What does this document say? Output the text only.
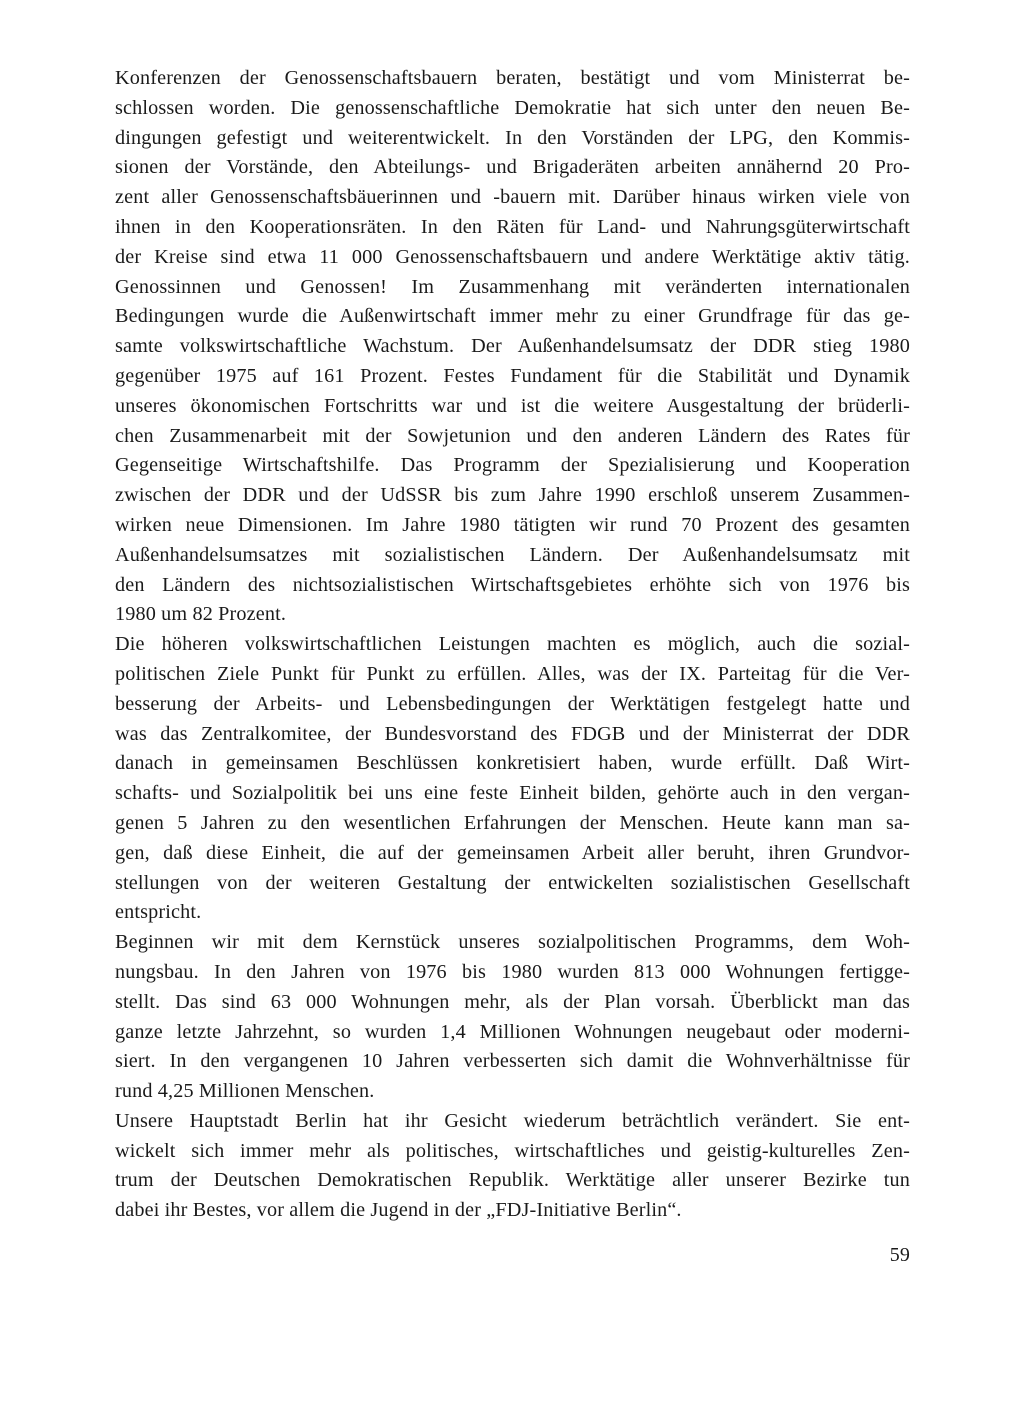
Konferenzen der Genossenschaftsbauern beraten, bestätigt und vom Ministerrat be-
schlossen worden. Die genossenschaftliche Demokratie hat sich unter den neuen Be-
dingungen gefestigt und weiterentwickelt. In den Vorständen der LPG, den Kommis-
sionen der Vorstände, den Abteilungs- und Brigaderäten arbeiten annähernd 20 Pro-
zent aller Genossenschaftsbäuerinnen und -bauern mit. Darüber hinaus wirken viele von
ihnen in den Kooperationsräten. In den Räten für Land- und Nahrungsgüterwirtschaft
der Kreise sind etwa 11 000 Genossenschaftsbauern und andere Werktätige aktiv tätig.
Genossinnen und Genossen! Im Zusammenhang mit veränderten internationalen
Bedingungen wurde die Außenwirtschaft immer mehr zu einer Grundfrage für das ge-
samte volkswirtschaftliche Wachstum. Der Außenhandelsumsatz der DDR stieg 1980
gegenüber 1975 auf 161 Prozent. Festes Fundament für die Stabilität und Dynamik
unseres ökonomischen Fortschritts war und ist die weitere Ausgestaltung der brüderli-
chen Zusammenarbeit mit der Sowjetunion und den anderen Ländern des Rates für
Gegenseitige Wirtschaftshilfe. Das Programm der Spezialisierung und Kooperation
zwischen der DDR und der UdSSR bis zum Jahre 1990 erschloß unserem Zusammen-
wirken neue Dimensionen. Im Jahre 1980 tätigten wir rund 70 Prozent des gesamten
Außenhandelsumsatzes mit sozialistischen Ländern. Der Außenhandelsumsatz mit
den Ländern des nichtsozialistischen Wirtschaftsgebietes erhöhte sich von 1976 bis
1980 um 82 Prozent.
Die höheren volkswirtschaftlichen Leistungen machten es möglich, auch die sozial-
politischen Ziele Punkt für Punkt zu erfüllen. Alles, was der IX. Parteitag für die Ver-
besserung der Arbeits- und Lebensbedingungen der Werktätigen festgelegt hatte und
was das Zentralkomitee, der Bundesvorstand des FDGB und der Ministerrat der DDR
danach in gemeinsamen Beschlüssen konkretisiert haben, wurde erfüllt. Daß Wirt-
schafts- und Sozialpolitik bei uns eine feste Einheit bilden, gehörte auch in den vergan-
genen 5 Jahren zu den wesentlichen Erfahrungen der Menschen. Heute kann man sa-
gen, daß diese Einheit, die auf der gemeinsamen Arbeit aller beruht, ihren Grundvor-
stellungen von der weiteren Gestaltung der entwickelten sozialistischen Gesellschaft
entspricht.
Beginnen wir mit dem Kernstück unseres sozialpolitischen Programms, dem Woh-
nungsbau. In den Jahren von 1976 bis 1980 wurden 813 000 Wohnungen fertigge-
stellt. Das sind 63 000 Wohnungen mehr, als der Plan vorsah. Überblickt man das
ganze letzte Jahrzehnt, so wurden 1,4 Millionen Wohnungen neugebaut oder moderni-
siert. In den vergangenen 10 Jahren verbesserten sich damit die Wohnverhältnisse für
rund 4,25 Millionen Menschen.
Unsere Hauptstadt Berlin hat ihr Gesicht wiederum beträchtlich verändert. Sie ent-
wickelt sich immer mehr als politisches, wirtschaftliches und geistig-kulturelles Zen-
trum der Deutschen Demokratischen Republik. Werktätige aller unserer Bezirke tun
dabei ihr Bestes, vor allem die Jugend in der „FDJ-Initiative Berlin“.
59
